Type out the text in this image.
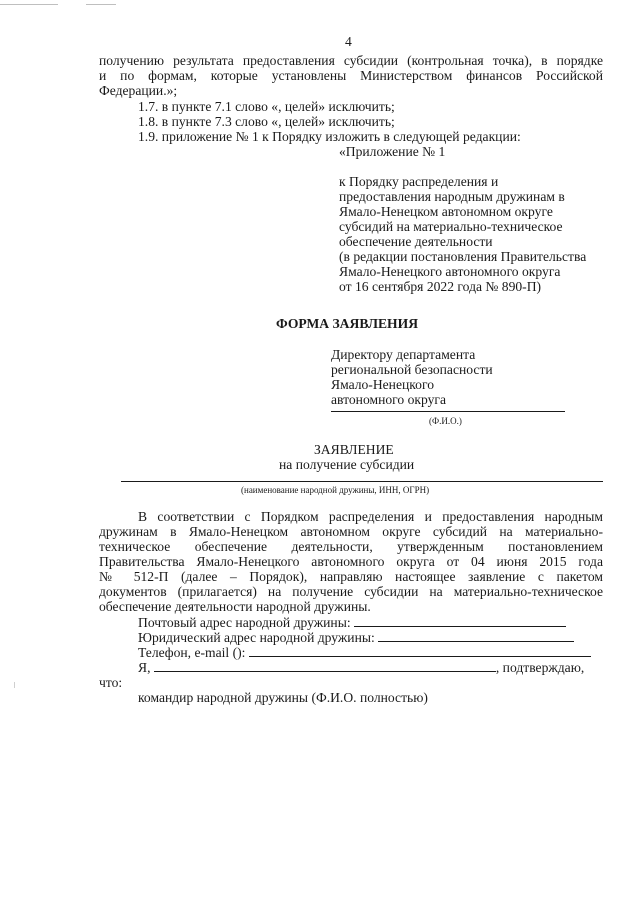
4
получению результата предоставления субсидии (контрольная точка), в порядке
и по формам, которые установлены Министерством финансов Российской
Федерации.»;
1.7. в пункте 7.1 слово «, целей» исключить;
1.8. в пункте 7.3 слово «, целей» исключить;
1.9. приложение № 1 к Порядку изложить в следующей редакции:
«Приложение № 1
к Порядку распределения и
предоставления народным дружинам в
Ямало-Ненецком автономном округе
субсидий на материально-техническое
обеспечение деятельности
(в редакции постановления Правительства
Ямало-Ненецкого автономного округа
от 16 сентября 2022 года № 890-П)
ФОРМА ЗАЯВЛЕНИЯ
Директору департамента
региональной безопасности
Ямало-Ненецкого
автономного округа
(Ф.И.О.)
ЗАЯВЛЕНИЕ
на получение субсидии
(наименование народной дружины, ИНН, ОГРН)
В соответствии с Порядком распределения и предоставления народным
дружинам в Ямало-Ненецком автономном округе субсидий на материально-
техническое обеспечение деятельности, утвержденным постановлением
Правительства Ямало-Ненецкого автономного округа от 04 июня 2015 года
№ 512-П (далее – Порядок), направляю настоящее заявление с пакетом
документов (прилагается) на получение субсидии на материально-техническое
обеспечение деятельности народной дружины.
Почтовый адрес народной дружины:
Юридический адрес народной дружины:
Телефон, e-mail ():
Я,	, подтверждаю,
что:
командир народной дружины (Ф.И.О. полностью)
